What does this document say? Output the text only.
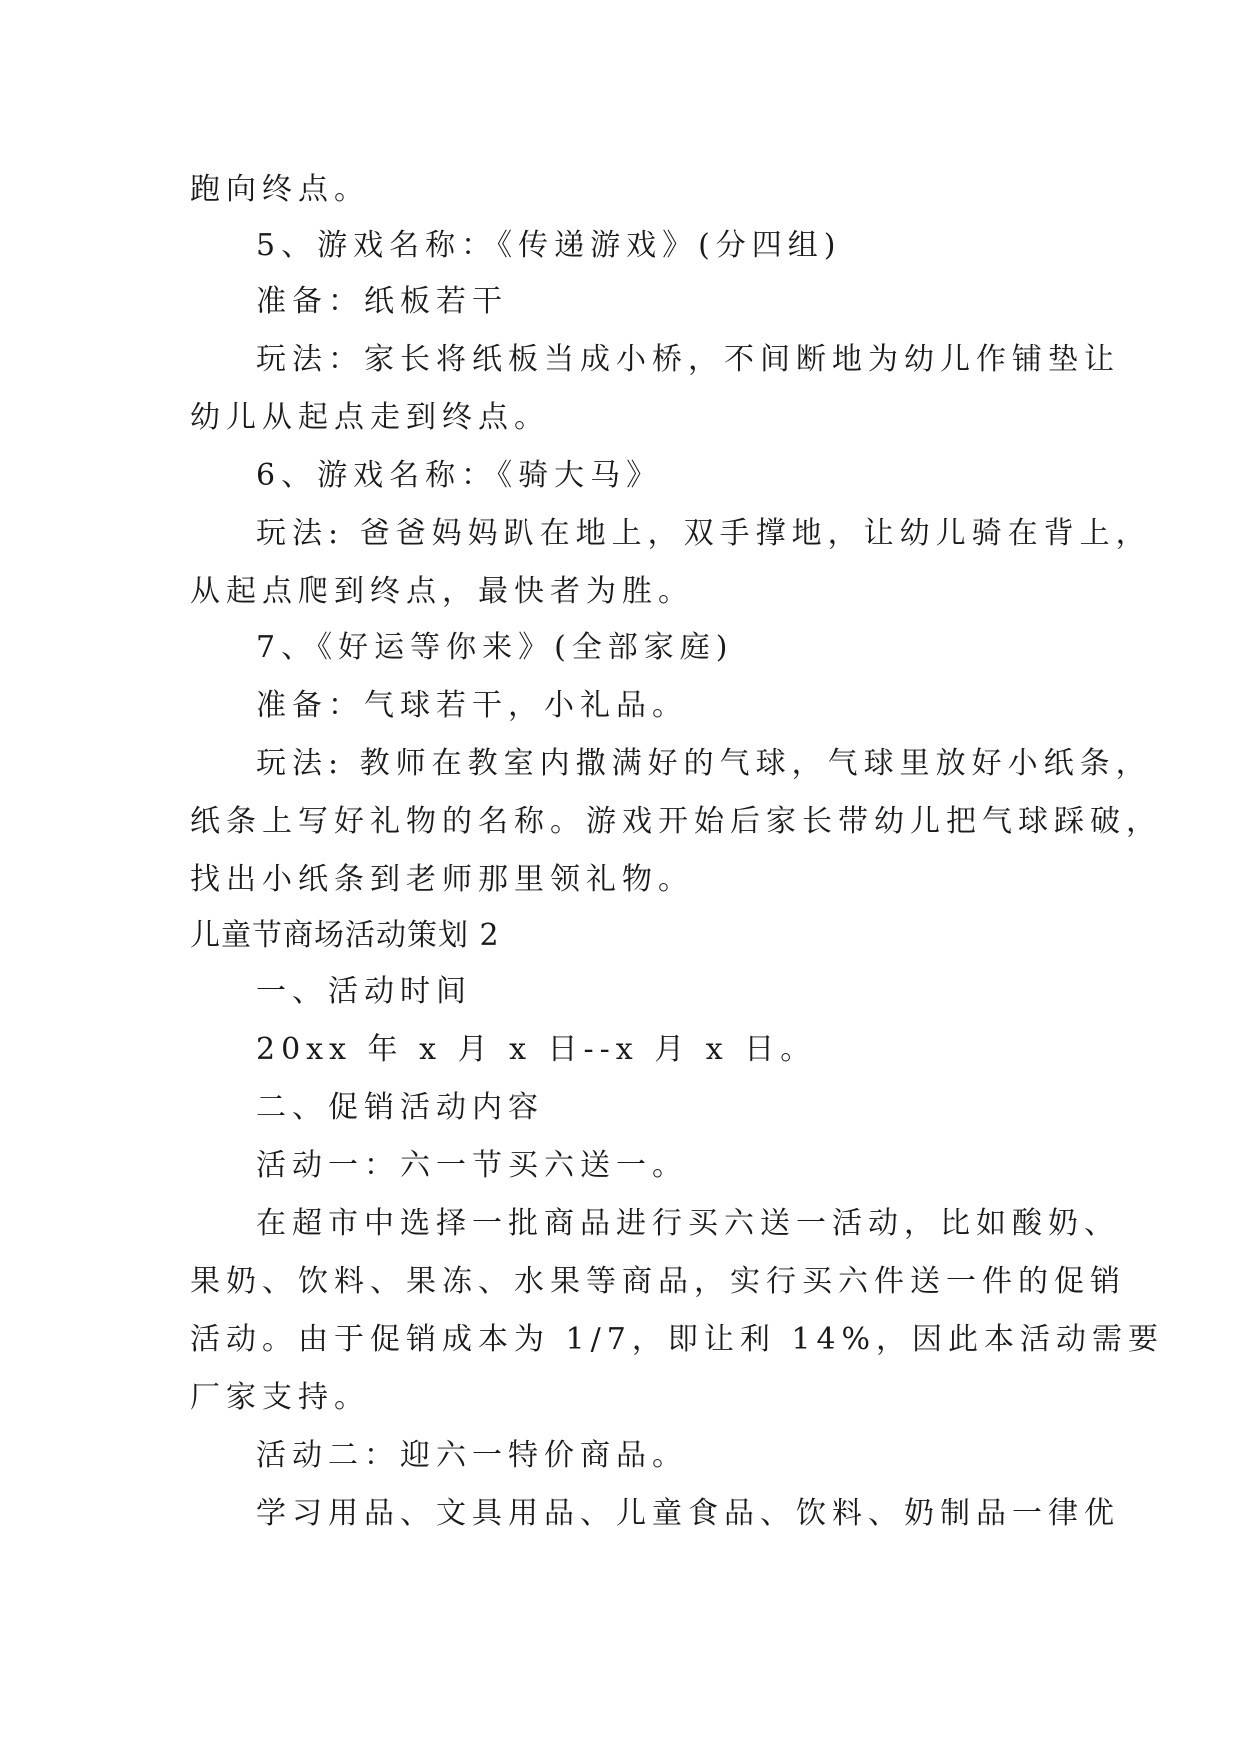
跑向终点。
5、游戏名称：《传递游戏》(分四组)
准备：纸板若干
玩法：家长将纸板当成小桥，不间断地为幼儿作铺垫让
幼儿从起点走到终点。
6、游戏名称：《骑大马》
玩法: 爸爸妈妈趴在地上，双手撑地，让幼儿骑在背上，
从起点爬到终点，最快者为胜。
7、《好运等你来》(全部家庭)
准备：气球若干，小礼品。
玩法: 教师在教室内撒满好的气球，气球里放好小纸条，
纸条上写好礼物的名称。游戏开始后家长带幼儿把气球踩破，
找出小纸条到老师那里领礼物。
儿童节商场活动策划 2
一、活动时间
20xx 年 x 月 x 日--x 月 x 日。
二、促销活动内容
活动一：六一节买六送一。
在超市中选择一批商品进行买六送一活动，比如酸奶、
果奶、饮料、果冻、水果等商品，实行买六件送一件的促销
活动。由于促销成本为 1/7，即让利 14%，因此本活动需要
厂家支持。
活动二：迎六一特价商品。
学习用品、文具用品、儿童食品、饮料、奶制品一律优
